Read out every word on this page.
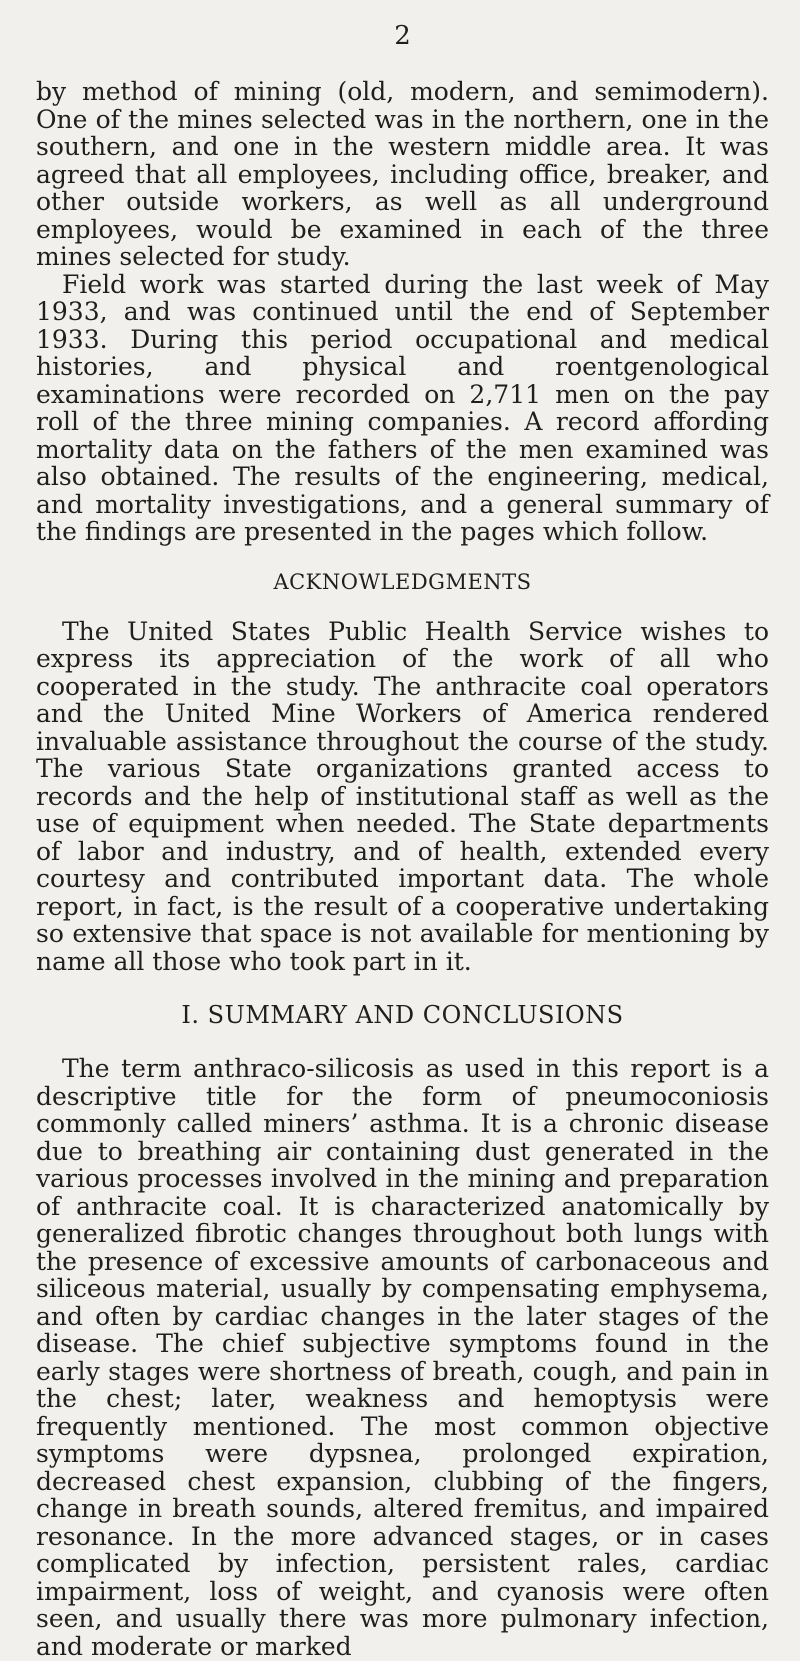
2

by method of mining (old, modern, and semimodern). One of the mines selected was in the northern, one in the southern, and one in the western middle area. It was agreed that all employees, including office, breaker, and other outside workers, as well as all underground employees, would be examined in each of the three mines selected for study.

Field work was started during the last week of May 1933, and was continued until the end of September 1933. During this period occupational and medical histories, and physical and roentgenological examinations were recorded on 2,711 men on the pay roll of the three mining companies. A record affording mortality data on the fathers of the men examined was also obtained. The results of the engineering, medical, and mortality investigations, and a general summary of the findings are presented in the pages which follow.

ACKNOWLEDGMENTS

The United States Public Health Service wishes to express its appreciation of the work of all who cooperated in the study. The anthracite coal operators and the United Mine Workers of America rendered invaluable assistance throughout the course of the study. The various State organizations granted access to records and the help of institutional staff as well as the use of equipment when needed. The State departments of labor and industry, and of health, extended every courtesy and contributed important data. The whole report, in fact, is the result of a cooperative undertaking so extensive that space is not available for mentioning by name all those who took part in it.

I. SUMMARY AND CONCLUSIONS

The term anthraco-silicosis as used in this report is a descriptive title for the form of pneumoconiosis commonly called miners’ asthma. It is a chronic disease due to breathing air containing dust generated in the various processes involved in the mining and preparation of anthracite coal. It is characterized anatomically by generalized fibrotic changes throughout both lungs with the presence of excessive amounts of carbonaceous and siliceous material, usually by compensating emphysema, and often by cardiac changes in the later stages of the disease. The chief subjective symptoms found in the early stages were shortness of breath, cough, and pain in the chest; later, weakness and hemoptysis were frequently mentioned. The most common objective symptoms were dypsnea, prolonged expiration, decreased chest expansion, clubbing of the fingers, change in breath sounds, altered fremitus, and impaired resonance. In the more advanced stages, or in cases complicated by infection, persistent rales, cardiac impairment, loss of weight, and cyanosis were often seen, and usually there was more pulmonary infection, and moderate or marked
